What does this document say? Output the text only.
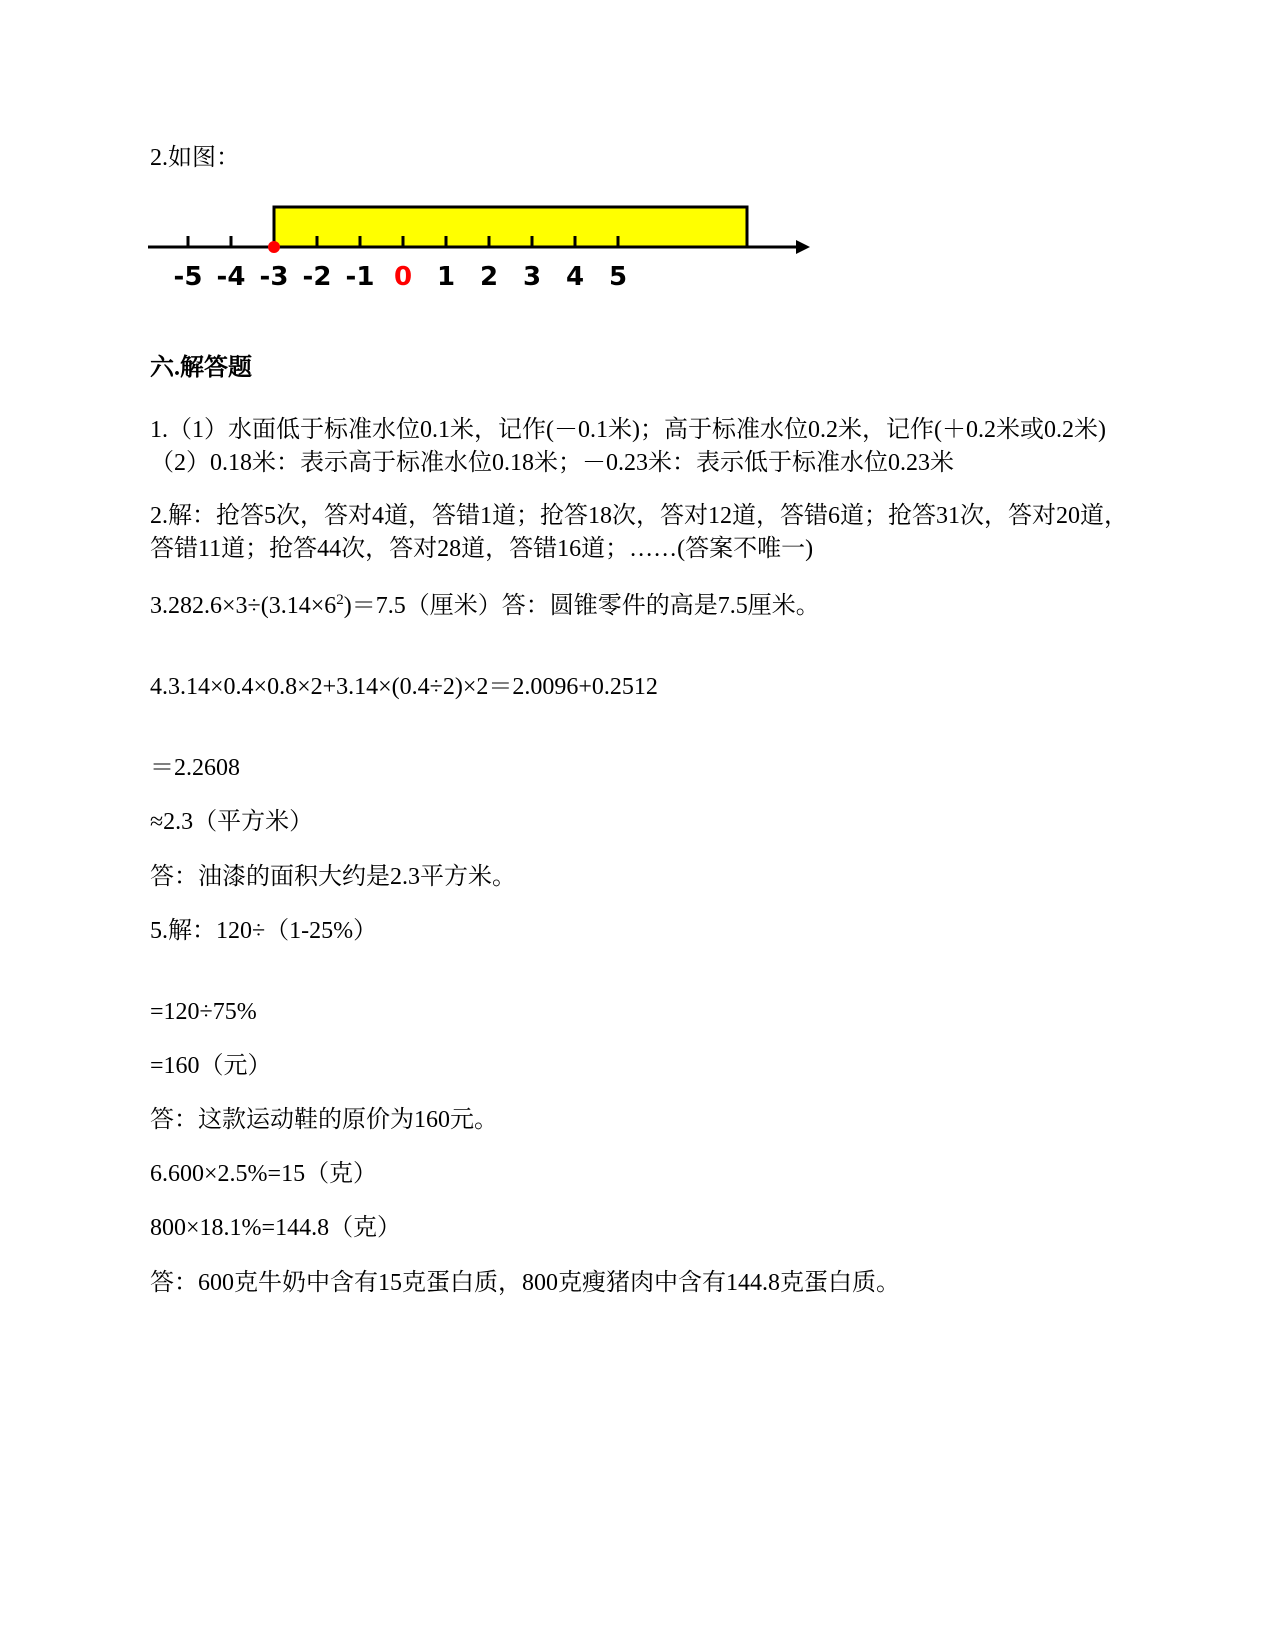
2.如图：
-5 -4 -3 -2 -1 0 1 2 3 4 5
六.解答题
1.（1）水面低于标准水位0.1米，记作(－0.1米)；高于标准水位0.2米，记作(＋0.2米或0.2米) （2）0.18米：表示高于标准水位0.18米；－0.23米：表示低于标准水位0.23米
2.解：抢答5次，答对4道，答错1道；抢答18次，答对12道，答错6道；抢答31次，答对20道，答错11道；抢答44次，答对28道，答错16道；……(答案不唯一)
$3.282.6\times 3\div(3.14\times 6^2)=7.5$（厘米）答：圆锥零件的高是7.5厘米。
4.3.14×0.4×0.8×2+3.14×(0.4÷2)×2＝2.0096+0.2512
＝2.2608
≈2.3（平方米）
答：油漆的面积大约是2.3平方米。
5.解：120÷（1-25%）
=120÷75%
=160（元）
答：这款运动鞋的原价为160元。
6.600×2.5%=15（克）
800×18.1%=144.8（克）
答：600克牛奶中含有15克蛋白质，800克瘦猪肉中含有144.8克蛋白质。
